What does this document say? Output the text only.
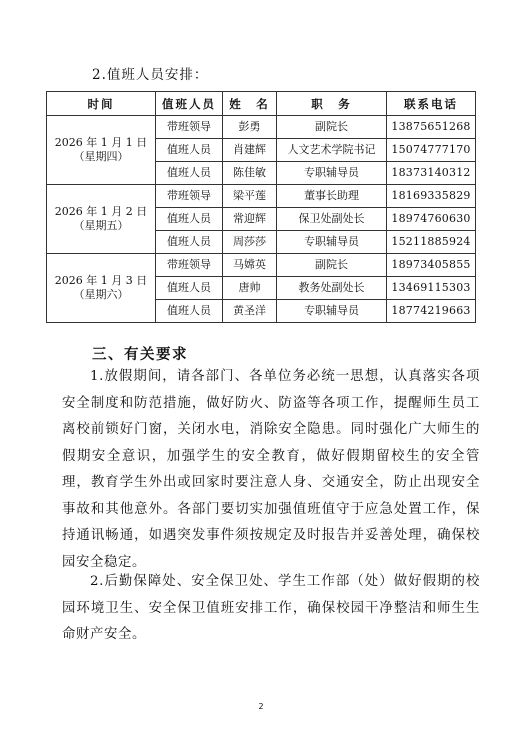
2.值班人员安排：
时间	值班人员	姓　名	职　务	联系电话

2026 年 1 月 1 日
（星期四）	带班领导	彭勇	副院长	13875651268
	值班人员	肖建辉	人文艺术学院书记	15074777170
	值班人员	陈佳敏	专职辅导员	18373140312

2026 年 1 月 2 日
（星期五）	带班领导	梁平莲	董事长助理	18169335829
	值班人员	常迎辉	保卫处副处长	18974760630
	值班人员	周莎莎	专职辅导员	15211885924

2026 年 1 月 3 日
（星期六）	带班领导	马嫦英	副院长	18973405855
	值班人员	唐帅	教务处副处长	13469115303
	值班人员	黄圣洋	专职辅导员	18774219663
三、有关要求

1.放假期间，请各部门、各单位务必统一思想，认真落实各项安全制度和防范措施，做好防火、防盗等各项工作，提醒师生员工离校前锁好门窗，关闭水电，消除安全隐患。同时强化广大师生的假期安全意识，加强学生的安全教育，做好假期留校生的安全管理，教育学生外出或回家时要注意人身、交通安全，防止出现安全事故和其他意外。各部门要切实加强值班值守于应急处置工作，保持通讯畅通，如遇突发事件须按规定及时报告并妥善处理，确保校园安全稳定。

2.后勤保障处、安全保卫处、学生工作部（处）做好假期的校园环境卫生、安全保卫值班安排工作，确保校园干净整洁和师生生命财产安全。

2
